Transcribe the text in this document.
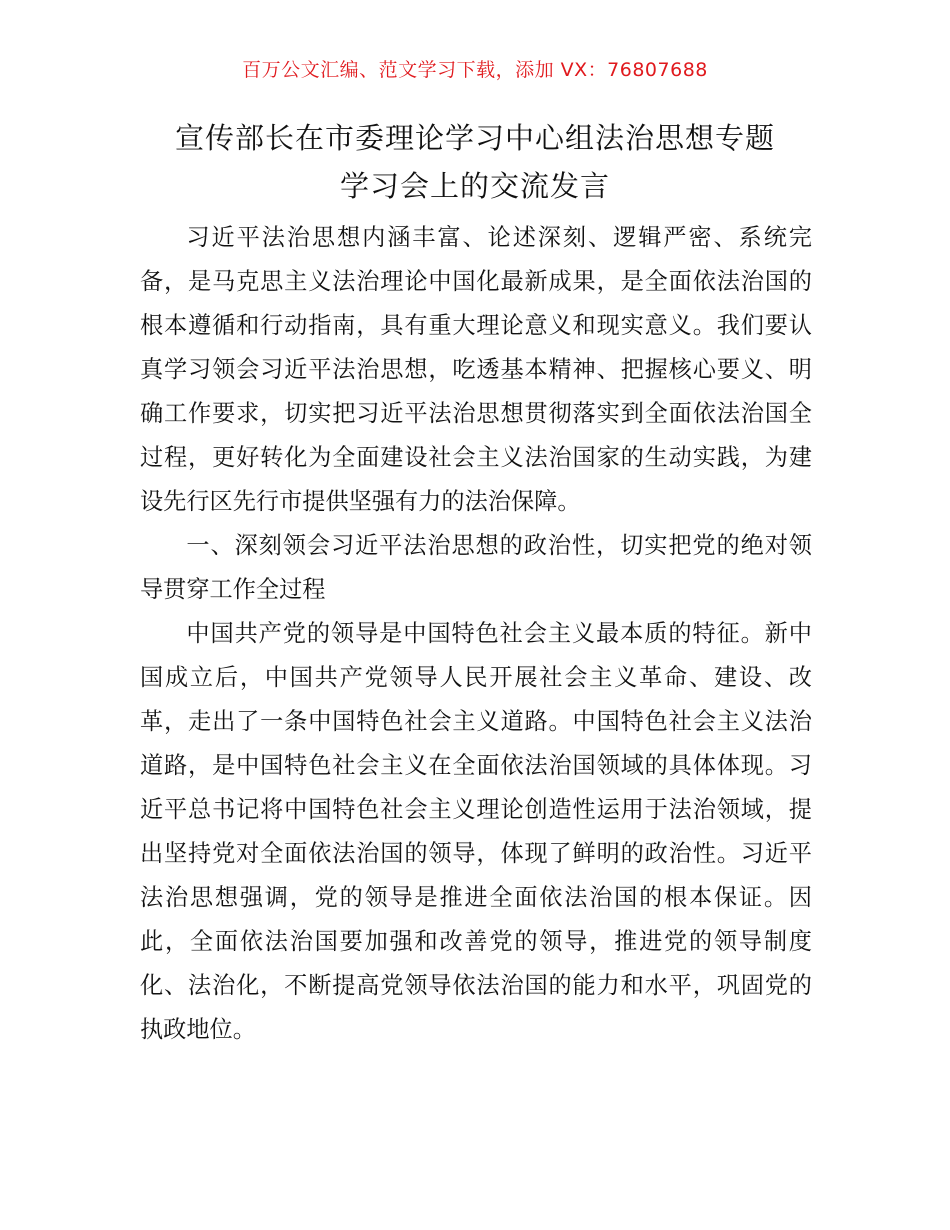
百万公文汇编、范文学习下载，添加 VX：76807688
宣传部长在市委理论学习中心组法治思想专题
学习会上的交流发言

习近平法治思想内涵丰富、论述深刻、逻辑严密、系统完备，是马克思主义法治理论中国化最新成果，是全面依法治国的根本遵循和行动指南，具有重大理论意义和现实意义。我们要认真学习领会习近平法治思想，吃透基本精神、把握核心要义、明确工作要求，切实把习近平法治思想贯彻落实到全面依法治国全过程，更好转化为全面建设社会主义法治国家的生动实践，为建设先行区先行市提供坚强有力的法治保障。

一、深刻领会习近平法治思想的政治性，切实把党的绝对领导贯穿工作全过程

中国共产党的领导是中国特色社会主义最本质的特征。新中国成立后，中国共产党领导人民开展社会主义革命、建设、改革，走出了一条中国特色社会主义道路。中国特色社会主义法治道路，是中国特色社会主义在全面依法治国领域的具体体现。习近平总书记将中国特色社会主义理论创造性运用于法治领域，提出坚持党对全面依法治国的领导，体现了鲜明的政治性。习近平法治思想强调，党的领导是推进全面依法治国的根本保证。因此，全面依法治国要加强和改善党的领导，推进党的领导制度化、法治化，不断提高党领导依法治国的能力和水平，巩固党的执政地位。
